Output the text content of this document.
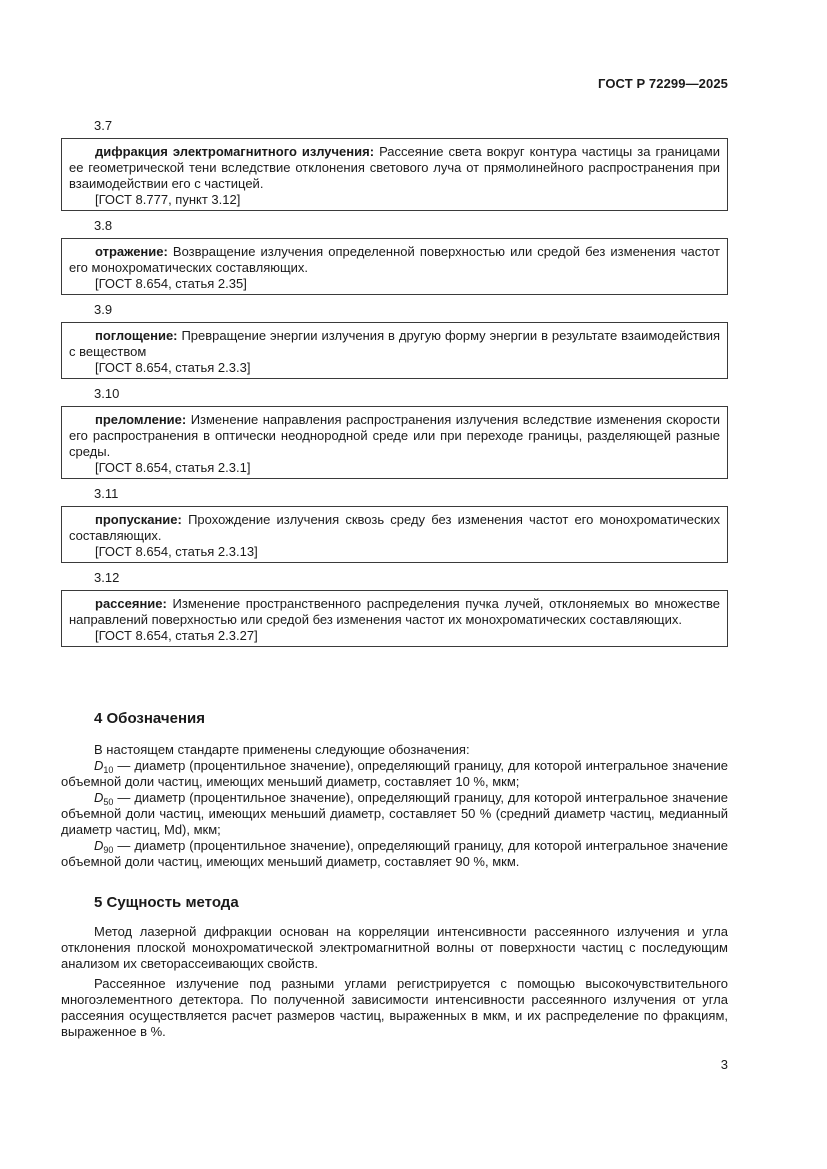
ГОСТ Р 72299—2025
3.7

дифракция электромагнитного излучения: Рассеяние света вокруг контура частицы за границами ее геометрической тени вследствие отклонения светового луча от прямолинейного распространения при взаимодействии его с частицей.

[ГОСТ 8.777, пункт 3.12]
3.8

отражение: Возвращение излучения определенной поверхностью или средой без изменения частот его монохроматических составляющих.

[ГОСТ 8.654, статья 2.35]
3.9

поглощение: Превращение энергии излучения в другую форму энергии в результате взаимодействия с веществом

[ГОСТ 8.654, статья 2.3.3]
3.10

преломление: Изменение направления распространения излучения вследствие изменения скорости его распространения в оптически неоднородной среде или при переходе границы, разделяющей разные среды.

[ГОСТ 8.654, статья 2.3.1]
3.11

пропускание: Прохождение излучения сквозь среду без изменения частот его монохроматических составляющих.

[ГОСТ 8.654, статья 2.3.13]
3.12

рассеяние: Изменение пространственного распределения пучка лучей, отклоняемых во множестве направлений поверхностью или средой без изменения частот их монохроматических составляющих.

[ГОСТ 8.654, статья 2.3.27]
4 Обозначения

В настоящем стандарте применены следующие обозначения:

$D_{10}$ — диаметр (процентильное значение), определяющий границу, для которой интегральное значение объемной доли частиц, имеющих меньший диаметр, составляет 10 %, мкм;

$D_{50}$ — диаметр (процентильное значение), определяющий границу, для которой интегральное значение объемной доли частиц, имеющих меньший диаметр, составляет 50 % (средний диаметр частиц, медианный диаметр частиц, Md), мкм;

$D_{90}$ — диаметр (процентильное значение), определяющий границу, для которой интегральное значение объемной доли частиц, имеющих меньший диаметр, составляет 90 %, мкм.

5 Сущность метода

Метод лазерной дифракции основан на корреляции интенсивности рассеянного излучения и угла отклонения плоской монохроматической электромагнитной волны от поверхности частиц с последующим анализом их светорассеивающих свойств.

Рассеянное излучение под разными углами регистрируется с помощью высокочувствительного многоэлементного детектора. По полученной зависимости интенсивности рассеянного излучения от угла рассеяния осуществляется расчет размеров частиц, выраженных в мкм, и их распределение по фракциям, выраженное в %.

3
